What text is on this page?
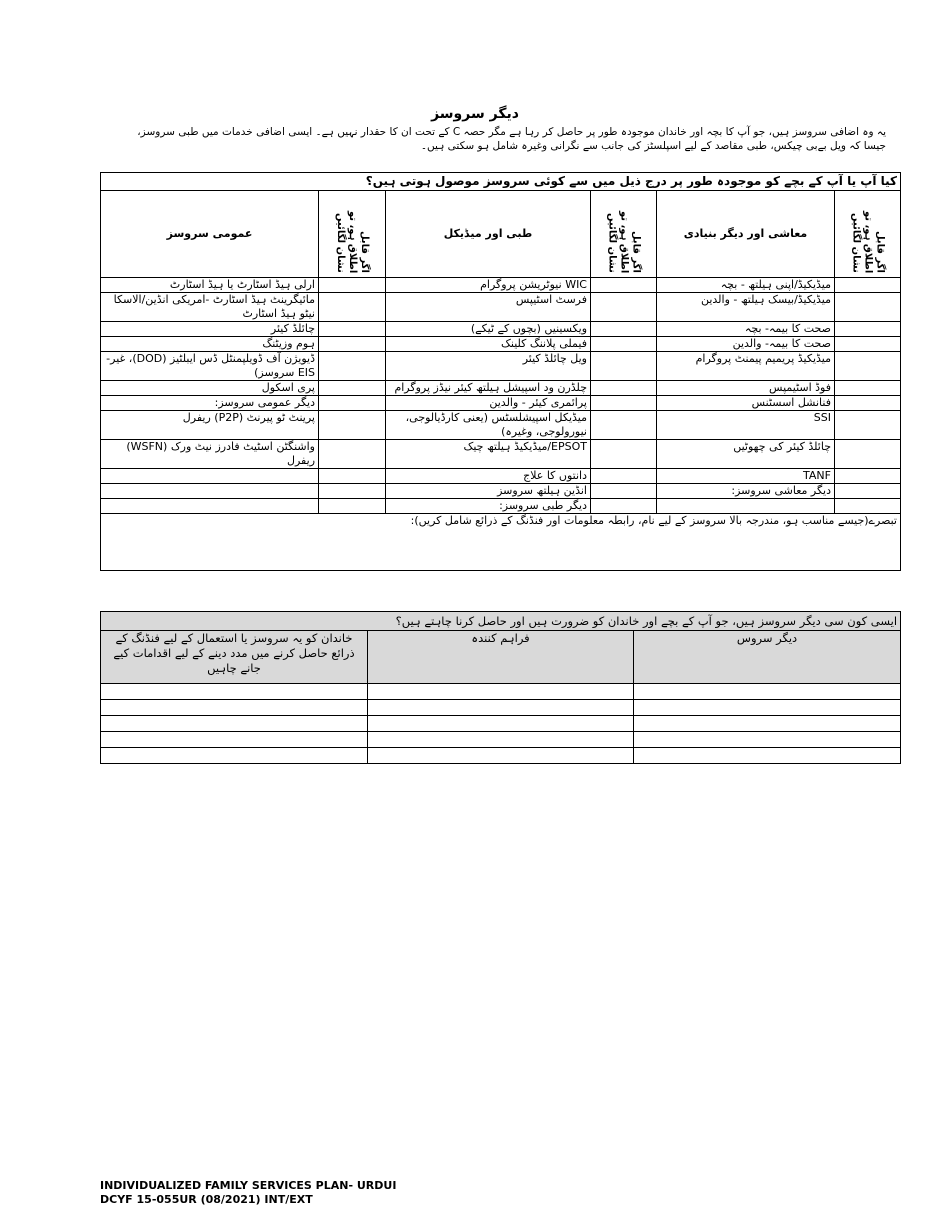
دیگر سروسز
یہ وہ اضافی سروسز ہیں، جو آپ کا بچہ اور خاندان موجودہ طور پر حاصل کر رہا ہے مگر حصہ C کے تحت ان کا حقدار نہیں ہے۔ ایسی اضافی خدمات میں طبی سروسز، جیسا کہ ویل بےبی چیکس، طبی مقاصد کے لیے اسپلسٹز کی جانب سے نگرانی وغیرہ شامل ہو سکتی ہیں۔
کیا آپ یا آپ کے بچے کو موجودہ طور پر درج ذیل میں سے کوئی سروسز موصول ہوتی ہیں؟					

اگر قابل اطلاق ہو، تو نشان لگائیں	معاشی اور دیگر بنیادی	اگر قابل اطلاق ہو، تو نشان لگائیں	طبی اور میڈیکل	اگر قابل اطلاق ہو، تو نشان لگائیں	عمومی سروسز
	میڈیکیڈ/اپنی ہیلتھ - بچہ		WIC نیوٹریشن پروگرام		ارلی ہیڈ اسٹارٹ یا ہیڈ اسٹارٹ
	میڈیکیڈ/بیسک ہیلتھ - والدین		فرسٹ اسٹیپس		مائیگرینٹ ہیڈ اسٹارٹ -امریکی انڈین/الاسکا نیٹو ہیڈ اسٹارٹ
	صحت کا بیمہ- بچہ		ویکسینیں (بچوں کے ٹیکے)		چائلڈ کیئر
	صحت کا بیمہ- والدین		فیملی پلاننگ کلینک		ہوم وزیٹنگ
	میڈیکیڈ پریمیم پیمنٹ پروگرام		ویل چائلڈ کیئر		ڈیویژن آف ڈویلپمنٹل ڈس ایبلٹیز (DOD)، غیر-EIS سروسز)
	فوڈ اسٹیمپس		چلڈرن ود اسپیشل ہیلتھ کیئر نیڈز پروگرام		پری اسکول
	فنانشل اسسٹنس		پرائمری کیئر - والدین		دیگر عمومی سروسز:
	SSI		میڈیکل اسپیشلسٹس (یعنی کارڈیالوجی، نیورولوجی، وغیرہ)		پرینٹ ٹو پیرنٹ (P2P) ریفرل
	چائلڈ کیئر کی چھوٹیں		EPSOT/میڈیکیڈ ہیلتھ چیک		واشنگٹن اسٹیٹ فادرز نیٹ ورک (WSFN) ریفرل
	TANF		دانتوں کا علاج		
	دیگر معاشی سروسز:		انڈین ہیلتھ سروسز		
			دیگر طبی سروسز:		
تبصرے(جیسے مناسب ہو، مندرجہ بالا سروسز کے لیے نام، رابطہ معلومات اور فنڈنگ کے ذرائع شامل کریں):					
ایسی کون سی دیگر سروسز ہیں، جو آپ کے بچے اور خاندان کو ضرورت ہیں اور حاصل کرنا چاہتے ہیں؟		
دیگر سروس	فراہم کنندہ	خاندان کو یہ سروسز یا استعمال کے لیے فنڈنگ کے ذرائع حاصل کرنے میں مدد دینے کے لیے اقدامات کیے جانے چاہیں

INDIVIDUALIZED FAMILY SERVICES PLAN- URDUI
DCYF 15-055UR (08/2021) INT/EXT
